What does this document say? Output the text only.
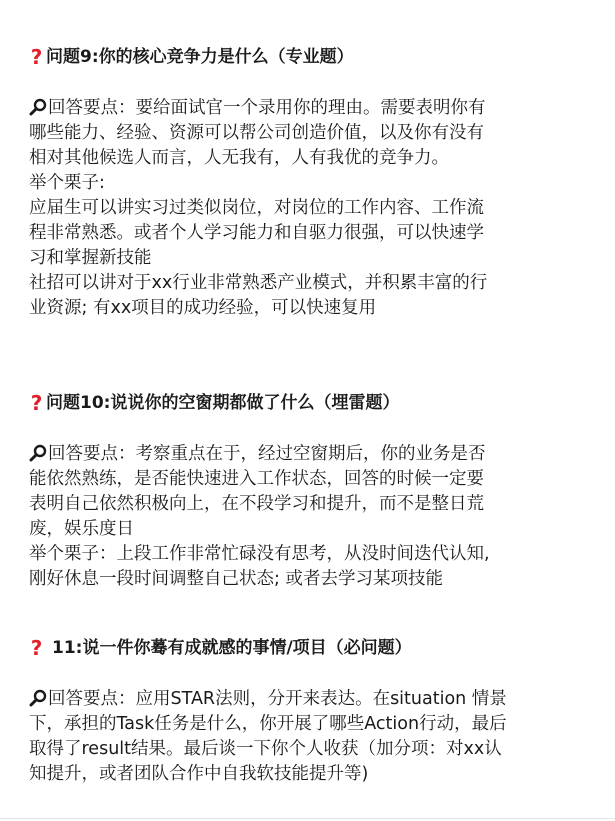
? 问题9:你的核心竞争力是什么（专业题）
回答要点：要给面试官一个录用你的理由。需要表明你有
哪些能力、经验、资源可以帮公司创造价值，以及你有没有
相对其他候选人而言，人无我有，人有我优的竞争力。
举个栗子:
应届生可以讲实习过类似岗位，对岗位的工作内容、工作流
程非常熟悉。或者个人学习能力和自驱力很强，可以快速学
习和掌握新技能
社招可以讲对于xx行业非常熟悉产业模式，并积累丰富的行
业资源; 有xx项目的成功经验，可以快速复用
? 问题10:说说你的空窗期都做了什么（埋雷题）
回答要点：考察重点在于，经过空窗期后，你的业务是否
能依然熟练，是否能快速进入工作状态，回答的时候一定要
表明自己依然积极向上，在不段学习和提升，而不是整日荒
废，娱乐度日
举个栗子：上段工作非常忙碌没有思考，从没时间迭代认知,
刚好休息一段时间调整自己状态; 或者去学习某项技能
? 11:说一件你蓦有成就感的事情/项目（必问题）
回答要点：应用STAR法则，分开来表达。在situation 情景
下，承担的Task任务是什么，你开展了哪些Action行动，最后
取得了result结果。最后谈一下你个人收获（加分项：对xx认
知提升，或者团队合作中自我软技能提升等)
